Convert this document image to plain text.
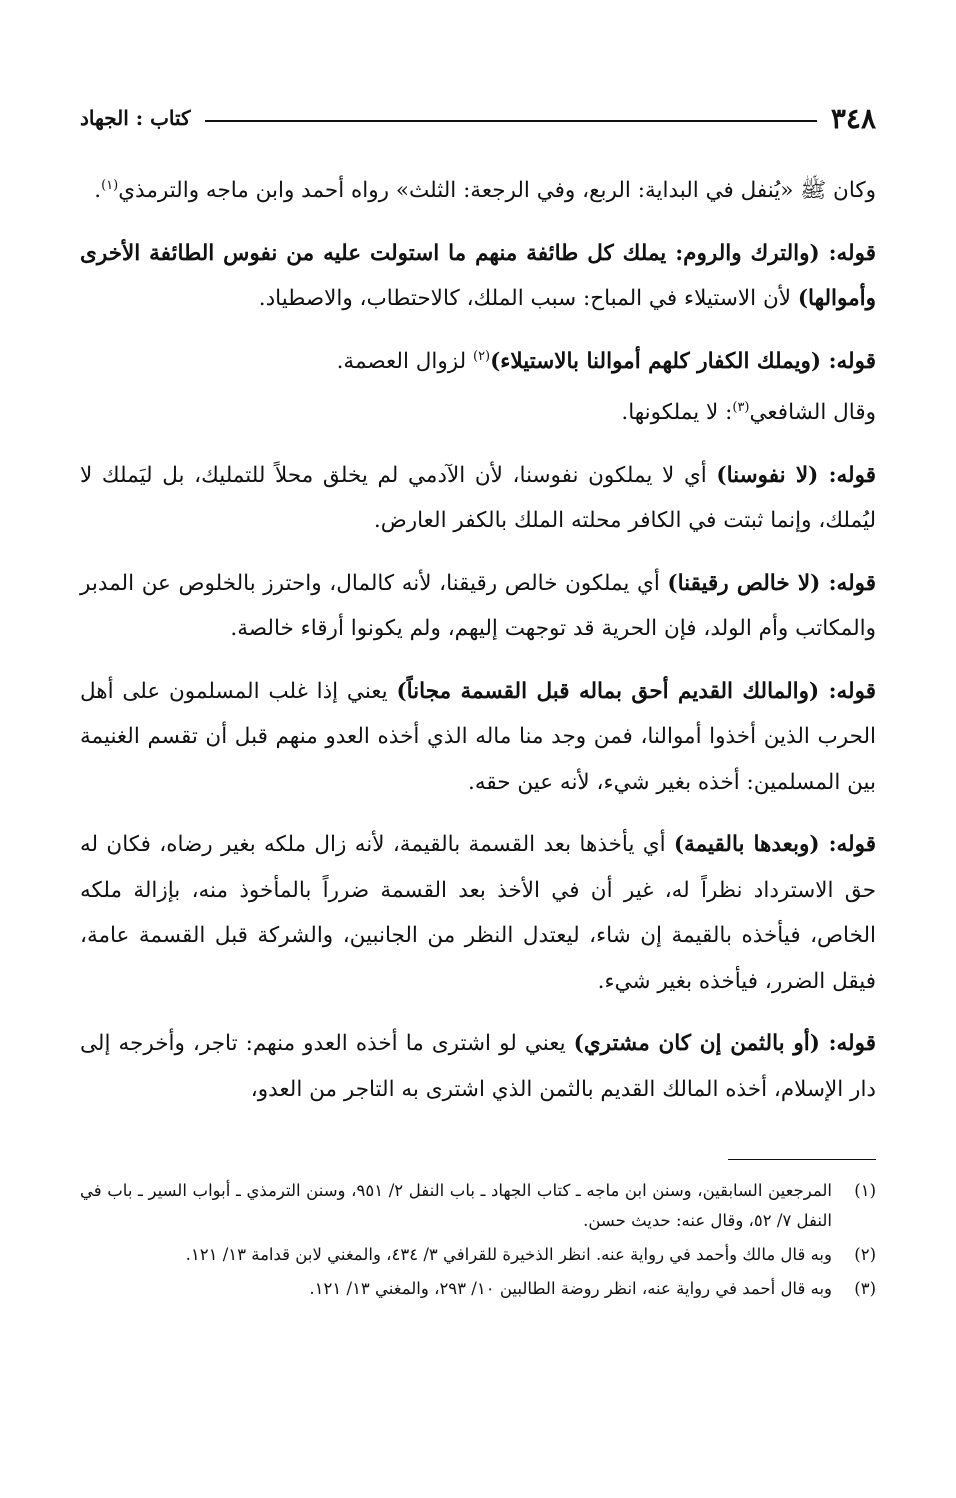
٣٤٨
كتاب : الجهاد

وكان ﷺ «يُنفل في البداية: الربع، وفي الرجعة: الثلث» رواه أحمد وابن ماجه والترمذي$^{(١)}$.

قوله: (والترك والروم: يملك كل طائفة منهم ما استولت عليه من نفوس الطائفة الأخرى وأموالها) لأن الاستيلاء في المباح: سبب الملك، كالاحتطاب، والاصطياد.

قوله: (ويملك الكفار كلهم أموالنا بالاستيلاء)$^{(٢)}$ لزوال العصمة.

وقال الشافعي$^{(٣)}$: لا يملكونها.

قوله: (لا نفوسنا) أي لا يملكون نفوسنا، لأن الآدمي لم يخلق محلاً للتمليك، بل ليَملك لا ليُملك، وإنما ثبتت في الكافر محلته الملك بالكفر العارض.

قوله: (لا خالص رقيقنا) أي يملكون خالص رقيقنا، لأنه كالمال، واحترز بالخلوص عن المدبر والمكاتب وأم الولد، فإن الحرية قد توجهت إليهم، ولم يكونوا أرقاء خالصة.

قوله: (والمالك القديم أحق بماله قبل القسمة مجاناً) يعني إذا غلب المسلمون على أهل الحرب الذين أخذوا أموالنا، فمن وجد منا ماله الذي أخذه العدو منهم قبل أن تقسم الغنيمة بين المسلمين: أخذه بغير شيء، لأنه عين حقه.

قوله: (وبعدها بالقيمة) أي يأخذها بعد القسمة بالقيمة، لأنه زال ملكه بغير رضاه، فكان له حق الاسترداد نظراً له، غير أن في الأخذ بعد القسمة ضرراً بالمأخوذ منه، بإزالة ملكه الخاص، فيأخذه بالقيمة إن شاء، ليعتدل النظر من الجانبين، والشركة قبل القسمة عامة، فيقل الضرر، فيأخذه بغير شيء.

قوله: (أو بالثمن إن كان مشتري) يعني لو اشترى ما أخذه العدو منهم: تاجر، وأخرجه إلى دار الإسلام، أخذه المالك القديم بالثمن الذي اشترى به التاجر من العدو،

(١)
المرجعين السابقين، وسنن ابن ماجه ـ كتاب الجهاد ـ باب النفل ٢/ ٩٥١، وسنن الترمذي ـ أبواب السير ـ باب في النفل ٧/ ٥٢، وقال عنه: حديث حسن.
(٢)
وبه قال مالك وأحمد في رواية عنه. انظر الذخيرة للقرافي ٣/ ٤٣٤، والمغني لابن قدامة ١٣/ ١٢١.
(٣)
وبه قال أحمد في رواية عنه، انظر روضة الطالبين ١٠/ ٢٩٣، والمغني ١٣/ ١٢١.
